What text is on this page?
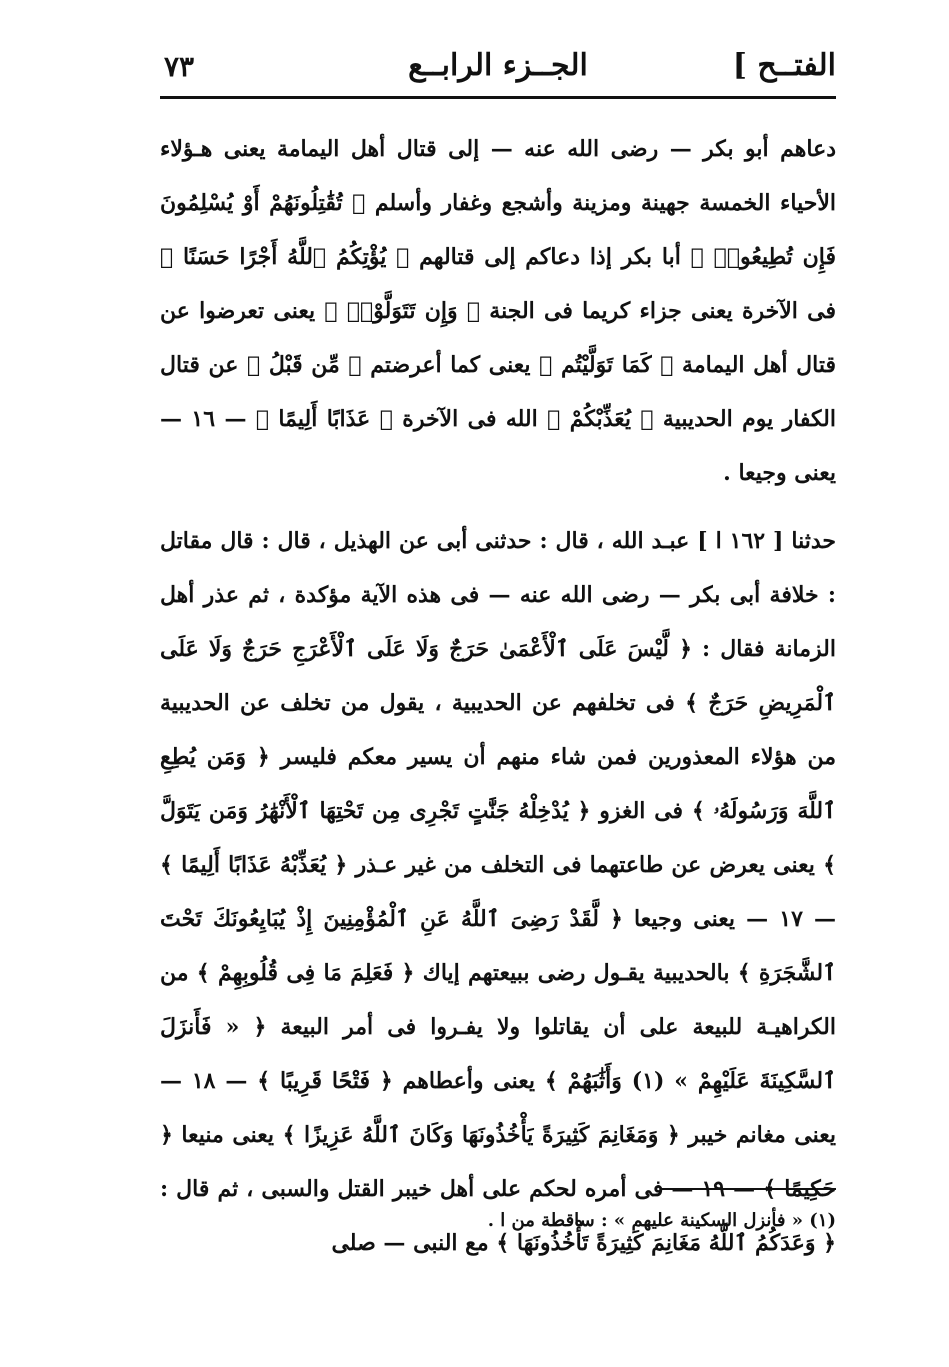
الفتــح ]
الجــزء الرابــع
٧٣

دعاهم أبو بكر — رضى الله عنه — إلى قتال أهل اليمامة يعنى هـؤلاء الأحياء الخمسة جهينة ومزينة وأشجع وغفار وأسلم ﴿ تُقَٰتِلُونَهُمْ أَوْ يُسْلِمُونَ فَإِن تُطِيعُوا۟ ﴾ أبا بكر إذا دعاكم إلى قتالهم ﴿ يُؤْتِكُمُ ٱللَّهُ أَجْرًا حَسَنًا ﴾ فى الآخرة يعنى جزاء كريما فى الجنة ﴿ وَإِن تَتَوَلَّوْا۟ ﴾ يعنى تعرضوا عن قتال أهل اليمامة ﴿ كَمَا تَوَلَّيْتُم ﴾ يعنى كما أعرضتم ﴿ مِّن قَبْلُ ﴾ عن قتال الكفار يوم الحديبية ﴿ يُعَذِّبْكُمْ ﴾ الله فى الآخرة ﴿ عَذَابًا أَلِيمًا ﴾ — ١٦ — يعنى وجيعا .

حدثنا [ ١٦٢ ا ] عبـد الله ، قال : حدثنى أبى عن الهذيل ، قال : قال مقاتل : خلافة أبى بكر — رضى الله عنه — فى هذه الآية مؤكدة ، ثم عذر أهل الزمانة فقال : ﴿ لَّيْسَ عَلَى ٱلْأَعْمَىٰ حَرَجٌ وَلَا عَلَى ٱلْأَعْرَجِ حَرَجٌ وَلَا عَلَى ٱلْمَرِيضِ حَرَجٌ ﴾ فى تخلفهم عن الحديبية ، يقول من تخلف عن الحديبية من هؤلاء المعذورين فمن شاء منهم أن يسير معكم فليسر ﴿ وَمَن يُطِعِ ٱللَّهَ وَرَسُولَهُۥ ﴾ فى الغزو ﴿ يُدْخِلْهُ جَنَّٰتٍ تَجْرِى مِن تَحْتِهَا ٱلْأَنْهَٰرُ وَمَن يَتَوَلَّ ﴾ يعنى يعرض عن طاعتهما فى التخلف من غير عـذر ﴿ يُعَذِّبْهُ عَذَابًا أَلِيمًا ﴾ — ١٧ — يعنى وجيعا ﴿ لَّقَدْ رَضِىَ ٱللَّهُ عَنِ ٱلْمُؤْمِنِينَ إِذْ يُبَايِعُونَكَ تَحْتَ ٱلشَّجَرَةِ ﴾ بالحديبية يقـول رضى ببيعتهم إياك ﴿ فَعَلِمَ مَا فِى قُلُوبِهِمْ ﴾ من الكراهيـة للبيعة على أن يقاتلوا ولا يفـروا فى أمر البيعة ﴿ « فَأَنزَلَ ٱلسَّكِينَةَ عَلَيْهِمْ » (١) وَأَثَٰبَهُمْ ﴾ يعنى وأعطاهم ﴿ فَتْحًا قَرِيبًا ﴾ — ١٨ — يعنى مغانم خيبر ﴿ وَمَغَانِمَ كَثِيرَةً يَأْخُذُونَهَا وَكَانَ ٱللَّهُ عَزِيزًا ﴾ يعنى منيعا ﴿ حَكِيمًا ﴾ — ١٩ — فى أمره لحكم على أهل خيبر القتل والسبى ، ثم قال : ﴿ وَعَدَكُمُ ٱللَّهُ مَغَانِمَ كَثِيرَةً تَأْخُذُونَهَا ﴾ مع النبى — صلى

(١) « فأنزل السكينة عليهم » : ساقطة من ا .
